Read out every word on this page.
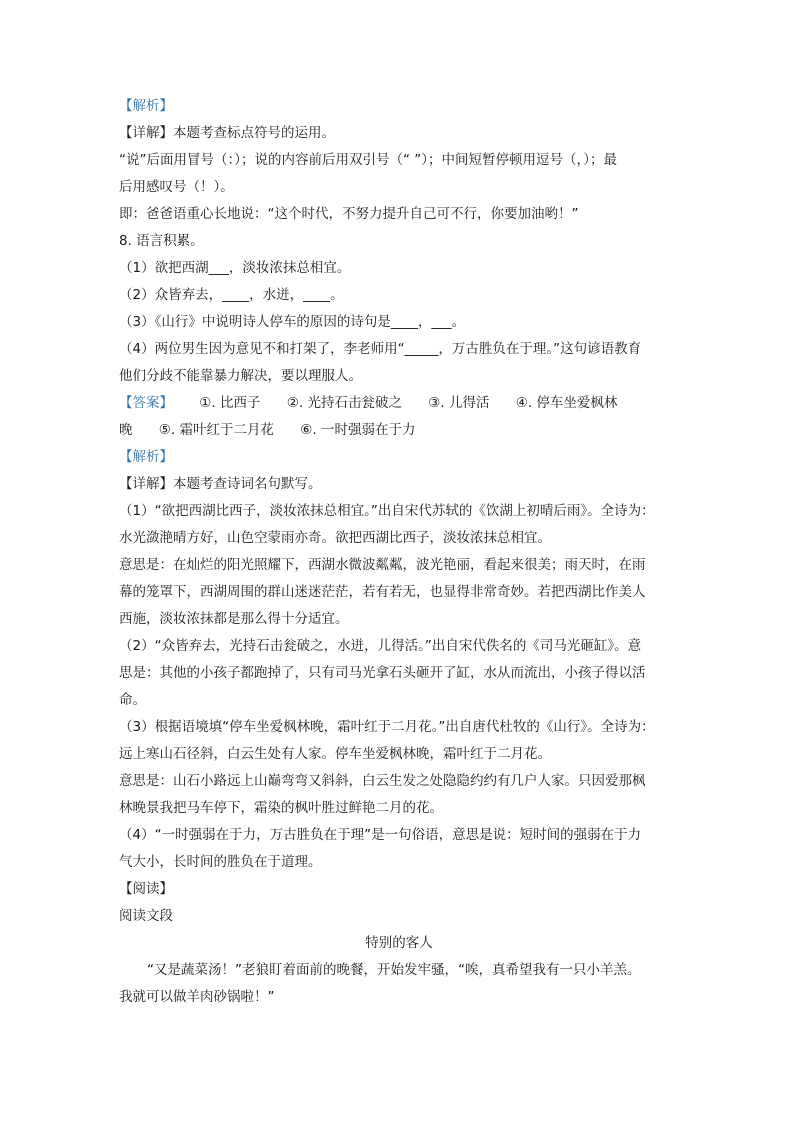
【解析】
【详解】本题考查标点符号的运用。
“说”后面用冒号（：）；说的内容前后用双引号（“ ”）；中间短暂停顿用逗号（，）；最
后用感叹号（！）。
即：爸爸语重心长地说：“这个时代，不努力提升自己可不行，你要加油哟！”
8. 语言积累。
（1）欲把西湖___，淡妆浓抹总相宜。
（2）众皆弃去，____，水迸，____。
（3）《山行》中说明诗人停车的原因的诗句是____，___。
（4）两位男生因为意见不和打架了，李老师用“_____，万古胜负在于理。”这句谚语教育
他们分歧不能靠暴力解决，要以理服人。
【答案】 ①. 比西子 ②. 光持石击瓮破之 ③. 儿得活 ④. 停车坐爱枫林
晚 ⑤. 霜叶红于二月花 ⑥. 一时强弱在于力
【解析】
【详解】本题考查诗词名句默写。
（1）“欲把西湖比西子，淡妆浓抹总相宜。”出自宋代苏轼的《饮湖上初晴后雨》。全诗为：
水光潋滟晴方好，山色空蒙雨亦奇。欲把西湖比西子，淡妆浓抹总相宜。
意思是：在灿烂的阳光照耀下，西湖水微波粼粼，波光艳丽，看起来很美；雨天时，在雨
幕的笼罩下，西湖周围的群山迷迷茫茫，若有若无，也显得非常奇妙。若把西湖比作美人
西施，淡妆浓抹都是那么得十分适宜。
（2）“众皆弃去，光持石击瓮破之，水迸，儿得活。”出自宋代佚名的《司马光砸缸》。意
思是：其他的小孩子都跑掉了，只有司马光拿石头砸开了缸，水从而流出，小孩子得以活
命。
（3）根据语境填“停车坐爱枫林晚，霜叶红于二月花。”出自唐代杜牧的《山行》。全诗为：
远上寒山石径斜，白云生处有人家。停车坐爱枫林晚，霜叶红于二月花。
意思是：山石小路远上山巅弯弯又斜斜，白云生发之处隐隐约约有几户人家。只因爱那枫
林晚景我把马车停下，霜染的枫叶胜过鲜艳二月的花。
（4）“一时强弱在于力，万古胜负在于理”是一句俗语，意思是说：短时间的强弱在于力
气大小，长时间的胜负在于道理。
【阅读】
阅读文段
特别的客人
“又是蔬菜汤！”老狼盯着面前的晚餐，开始发牢骚，“唉，真希望我有一只小羊羔。
我就可以做羊肉砂锅啦！”
